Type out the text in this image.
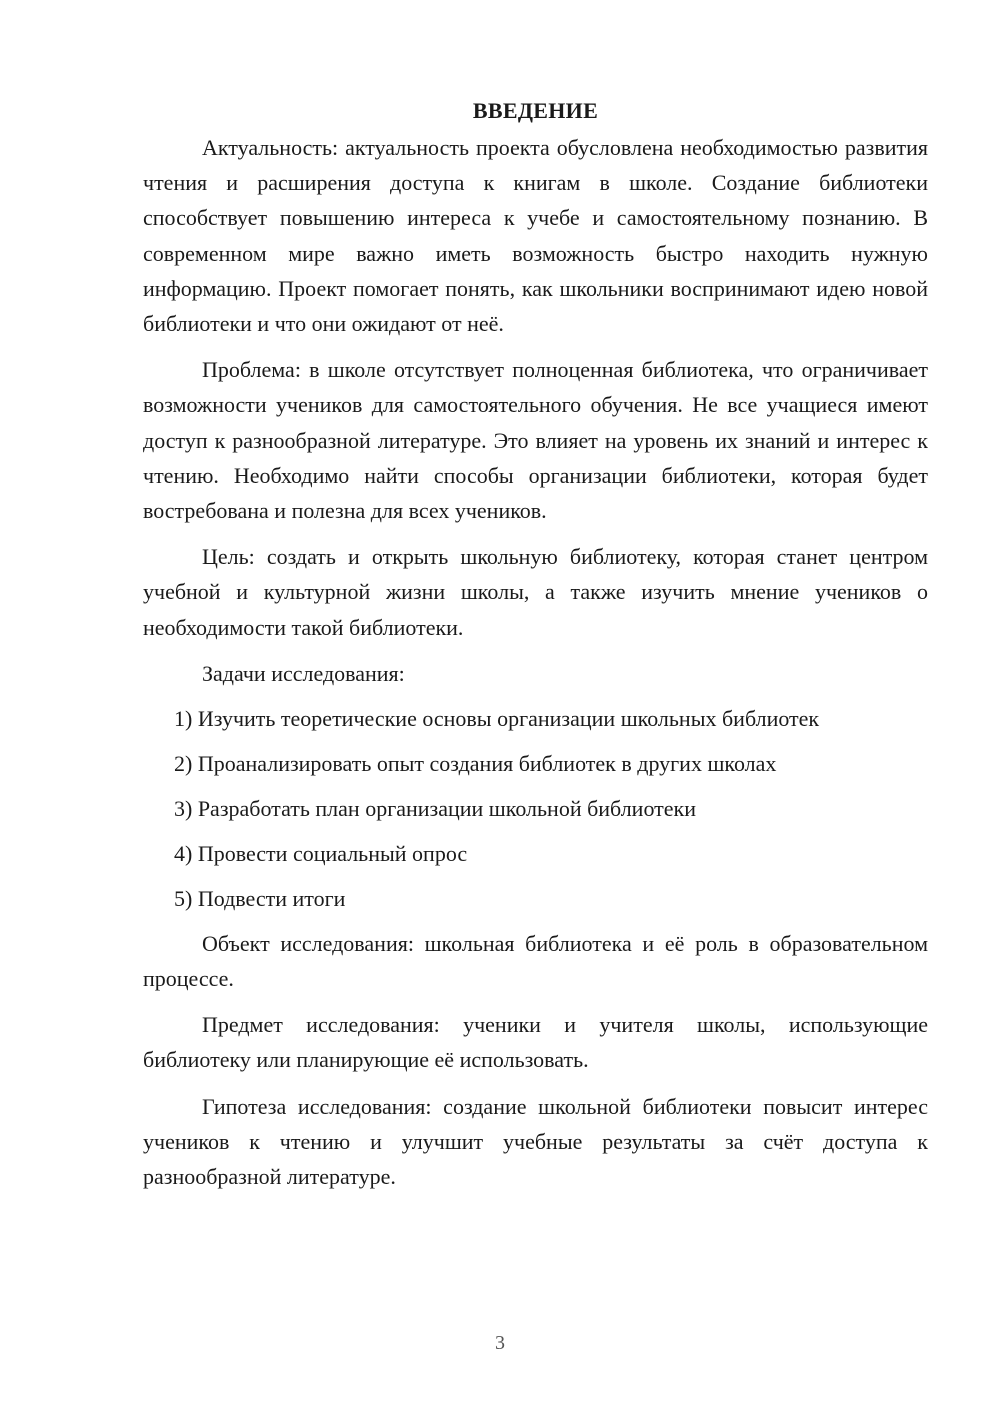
ВВЕДЕНИЕ

Актуальность: актуальность проекта обусловлена необходимостью развития чтения и расширения доступа к книгам в школе. Создание библиотеки способствует повышению интереса к учебе и самостоятельному познанию. В современном мире важно иметь возможность быстро находить нужную информацию. Проект помогает понять, как школьники воспринимают идею новой библиотеки и что они ожидают от неё.

Проблема: в школе отсутствует полноценная библиотека, что ограничивает возможности учеников для самостоятельного обучения. Не все учащиеся имеют доступ к разнообразной литературе. Это влияет на уровень их знаний и интерес к чтению. Необходимо найти способы организации библиотеки, которая будет востребована и полезна для всех учеников.

Цель: создать и открыть школьную библиотеку, которая станет центром учебной и культурной жизни школы, а также изучить мнение учеников о необходимости такой библиотеки.

Задачи исследования:

1) Изучить теоретические основы организации школьных библиотек
2) Проанализировать опыт создания библиотек в других школах
3) Разработать план организации школьной библиотеки
4) Провести социальный опрос
5) Подвести итоги

Объект исследования: школьная библиотека и её роль в образовательном процессе.

Предмет исследования: ученики и учителя школы, использующие библиотеку или планирующие её использовать.

Гипотеза исследования: создание школьной библиотеки повысит интерес учеников к чтению и улучшит учебные результаты за счёт доступа к разнообразной литературе.

3
